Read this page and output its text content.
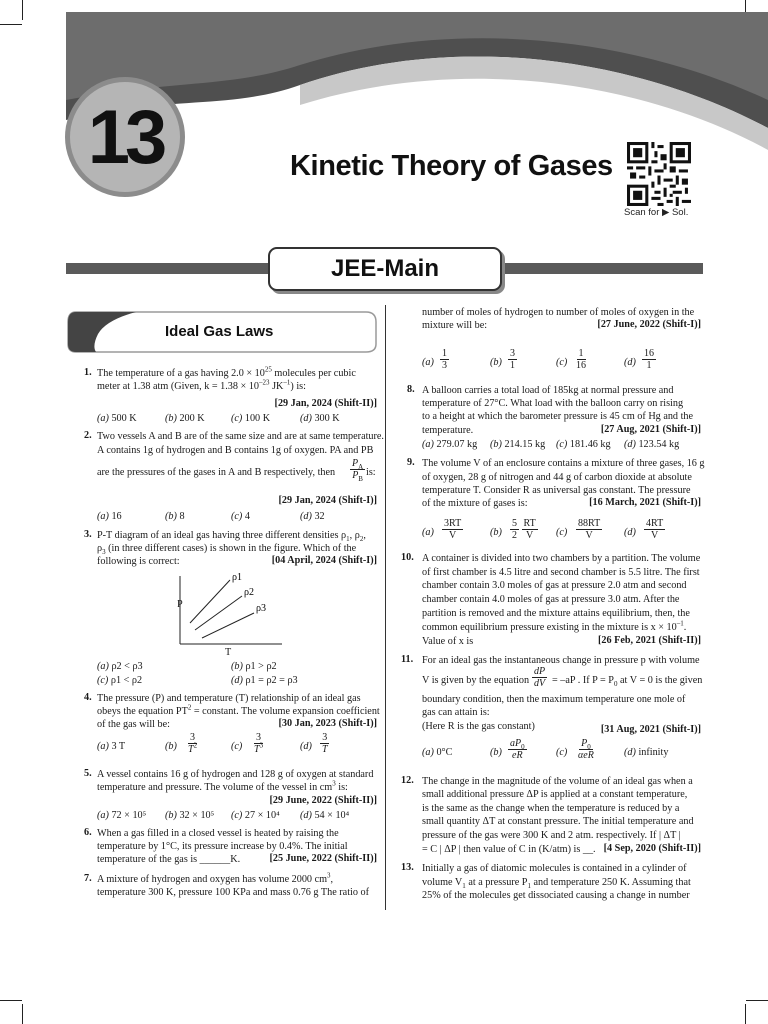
13	Kinetic Theory of Gases
Scan for ▶ Sol.
JEE-Main
Ideal Gas Laws
1. The temperature of a gas having $2.0 \times 10^{25}$ molecules per cubic
meter at 1.38 atm (Given, $k = 1.38 \times 10^{-23}$ $JK^{-1}$) is:
[29 Jan, 2024 (Shift-II)]
(a) 500 K	(b) 200 K	(c) 100 K	(d) 300 K
2. Two vessels A and B are of the same size and are at same temperature.
A contains 1g of hydrogen and B contains 1g of oxygen. PA and PB
are the pressures of the gases in A and B respectively, then $\frac{P_A}{P_B}$ is:
[29 Jan, 2024 (Shift-I)]
(a) 16	(b) 8	(c) 4	(d) 32
3. P-T diagram of an ideal gas having three different densities $\rho_1$, $\rho_2$,
$\rho_3$ (in three different cases) is shown in the figure. Which of the
following is correct:	[04 April, 2024 (Shift-I)]
ρ1
ρ2
ρ3
P
T
(a) ρ2 < ρ3	(b) ρ1 > ρ2
(c) ρ1 < ρ2	(d) ρ1 = ρ2 = ρ3
4. The pressure (P) and temperature (T) relationship of an ideal gas
obeys the equation $PT^2$ = constant. The volume expansion coefficient
of the gas will be:	[30 Jan, 2023 (Shift-I)]
(a) 3 T	$(b) \frac{3}{T^2}$	$(c) \frac{3}{T^3}$	$(d) \frac{3}{T}$
5. A vessel contains 16 g of hydrogen and 128 g of oxygen at standard
temperature and pressure. The volume of the vessel in $cm^3$ is:
[29 June, 2022 (Shift-II)]
(a) 72 × 10⁵ (b) 32 × 10⁵ (c) 27 × 10⁴ (d) 54 × 10⁴
6. When a gas filled in a closed vessel is heated by raising the
temperature by 1°C, its pressure increase by 0.4%. The initial
temperature of the gas is ______K.	[25 June, 2022 (Shift-II)]
7. A mixture of hydrogen and oxygen has volume 2000 $cm^3$,
temperature 300 K, pressure 100 KPa and mass 0.76 g The ratio of
number of moles of hydrogen to number of moles of oxygen in the
mixture will be:	[27 June, 2022 (Shift-I)]
$(a) \frac{1}{3}$	$(b) \frac{3}{1}$	$(c) \frac{1}{16}$	$(d) \frac{16}{1}$
8. A balloon carries a total load of 185kg at normal pressure and
temperature of 27°C. What load with the balloon carry on rising
to a height at which the barometer pressure is 45 cm of Hg and the
temperature.	[27 Aug, 2021 (Shift-I)]
(a) 279.07 kg (b) 214.15 kg (c) 181.46 kg (d) 123.54 kg
9. The volume V of an enclosure contains a mixture of three gases, 16 g
of oxygen, 28 g of nitrogen and 44 g of carbon dioxide at absolute
temperature T. Consider R as universal gas constant. The pressure
of the mixture of gases is:	[16 March, 2021 (Shift-I)]
$(a) \frac{3RT}{V}$	$(b) \frac{5}{2}$
$\frac{RT}{V} (c) \frac{88RT}{V} (d) \frac{4RT}{V}$
10. A container is divided into two chambers by a partition. The volume
of first chamber is 4.5 litre and second chamber is 5.5 litre. The first
chamber contain 3.0 moles of gas at pressure 2.0 atm and second
chamber contain 4.0 moles of gas at pressure 3.0 atm. After the
partition is removed and the mixture attains equilibrium, then, the
common equilibrium pressure existing in the mixture is $x \times 10^{-1}$.
Value of x is	[26 Feb, 2021 (Shift-II)]
11. For an ideal gas the instantaneous change in pressure p with volume
V is given by the equation $\frac{dP}{dV} = -aP$ . If $P = P_0$ at V = 0 is the given
boundary condition, then the maximum temperature one mole of
gas can attain is:
(Here R is the gas constant)	[31 Aug, 2021 (Shift-I)]
(a) 0°C	$(b) \frac{aP_0}{eR}$	$(c) \frac{P_0}{\text{αeR}}$	(d) infinity
12. The change in the magnitude of the volume of an ideal gas when a
small additional pressure ΔP is applied at a constant temperature,
is the same as the change when the temperature is reduced by a
small quantity ΔT at constant pressure. The initial temperature and
pressure of the gas were 300 K and 2 atm. respectively. If | ΔT |
= C | ΔP | then value of C in (K/atm) is __. [4 Sep, 2020 (Shift-II)]
13. Initially a gas of diatomic molecules is contained in a cylinder of
volume $V_1$ at a pressure $P_1$ and temperature 250 K. Assuming that
25% of the molecules get dissociated causing a change in number
